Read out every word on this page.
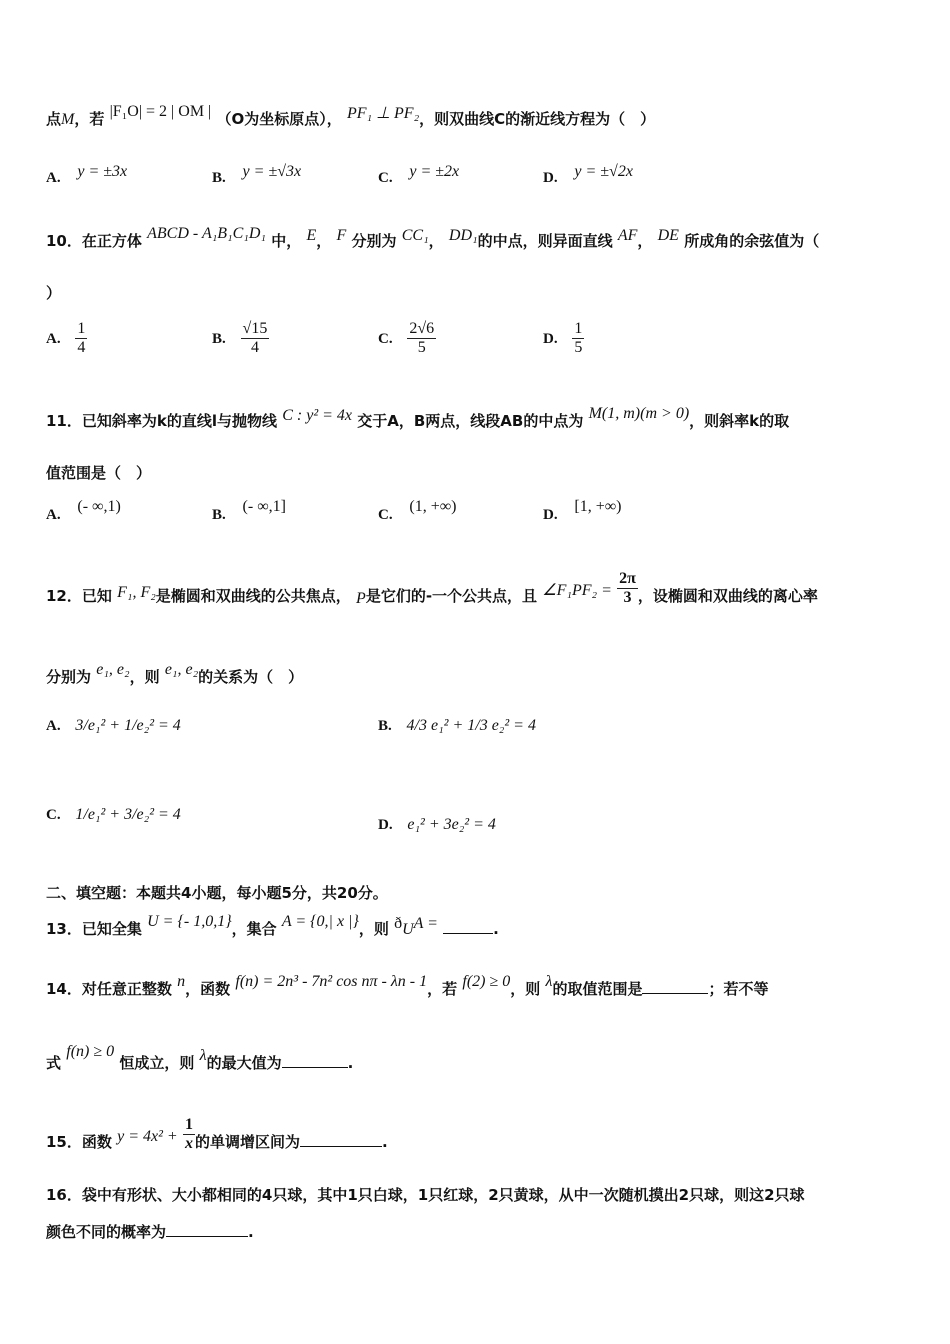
点M，若 |F₁O| = 2 | OM | （O为坐标原点）， PF₁ ⊥ PF₂，则双曲线C的渐近线方程为（　）
A. y = ±3x	B. y = ±√3x	C. y = ±2x	D. y = ±√2x
10．在正方体 ABCD - A₁B₁C₁D₁ 中， E， F 分别为 CC₁， DD₁的中点，则异面直线 AF， DE 所成角的余弦值为（
）
A. $\frac{1}{4}$	B. $\frac{√15}{4}$	C. $\frac{2√6}{5}$	D. $\frac{1}{5}$
11．已知斜率为k的直线l与抛物线 C : y² = 4x 交于A，B两点，线段AB的中点为 M(1, m)(m > 0)，则斜率k的取
值范围是（　）
A. (- ∞,1)	B. (- ∞,1]	C. (1, +∞)	D. [1, +∞)
12．已知 F₁, F₂是椭圆和双曲线的公共焦点， P是它们的-一个公共点，且 ∠F₁PF₂ = $\frac{2\pi}{3}$ ，设椭圆和双曲线的离心率
分别为 e₁, e₂，则 e₁, e₂的关系为（　）
A. 3/e₁² + 1/e₂² = 4	B. 4/3 e₁² + 1/3 e₂² = 4
C. 1/e₁² + 3/e₂² = 4
D. e₁² + 3e₂² = 4
二、填空题：本题共4小题，每小题5分，共20分。
13．已知全集 U = {- 1,0,1}，集合 A = {0,| x |}，则 $ð_UA$ =	.
14．对任意正整数 n，函数 f(n) = 2n³ - 7n² cos nπ - λn - 1，若 f(2) ≥ 0，则 λ的取值范围是	；若不等
式 f(n) ≥ 0 恒成立，则 λ的最大值为	.
15．函数 $y = 4x^2 + \frac{1}{x}$ 的单调增区间为	.
16．袋中有形状、大小都相同的4只球，其中1只白球，1只红球，2只黄球，从中一次随机摸出2只球，则这2只球
颜色不同的概率为	.
